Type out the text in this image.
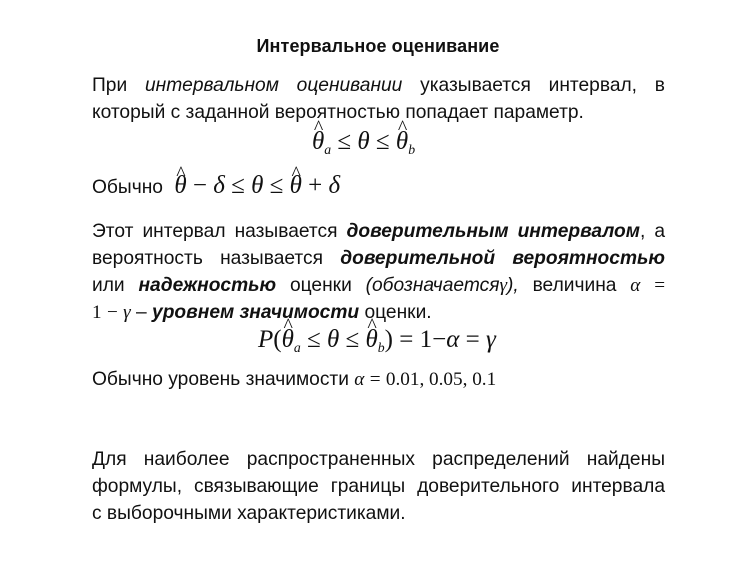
Интервальное оценивание
При интервальном оценивании указывается интервал, в
который с заданной вероятностью попадает параметр.
^ $\theta_a \le \theta$ ≤ ^ $\theta_b$
Обычно ^ θ − δ ≤ θ ≤ ^ θ + δ
Этот интервал называется доверительным интервалом, а
вероятность называется доверительной вероятностью
или надежностью оценки (обозначаетсяγ), величина α =
1 − γ – уровнем значимости оценки.
P(^ $\theta_a \le \theta$ ≤ ^ $\theta_b) = 1-\alpha = \gamma$
Обычно уровень значимости α = 0.01, 0.05, 0.1
Для наиболее распространенных распределений найдены
формулы, связывающие границы доверительного интервала
с выборочными характеристиками.
